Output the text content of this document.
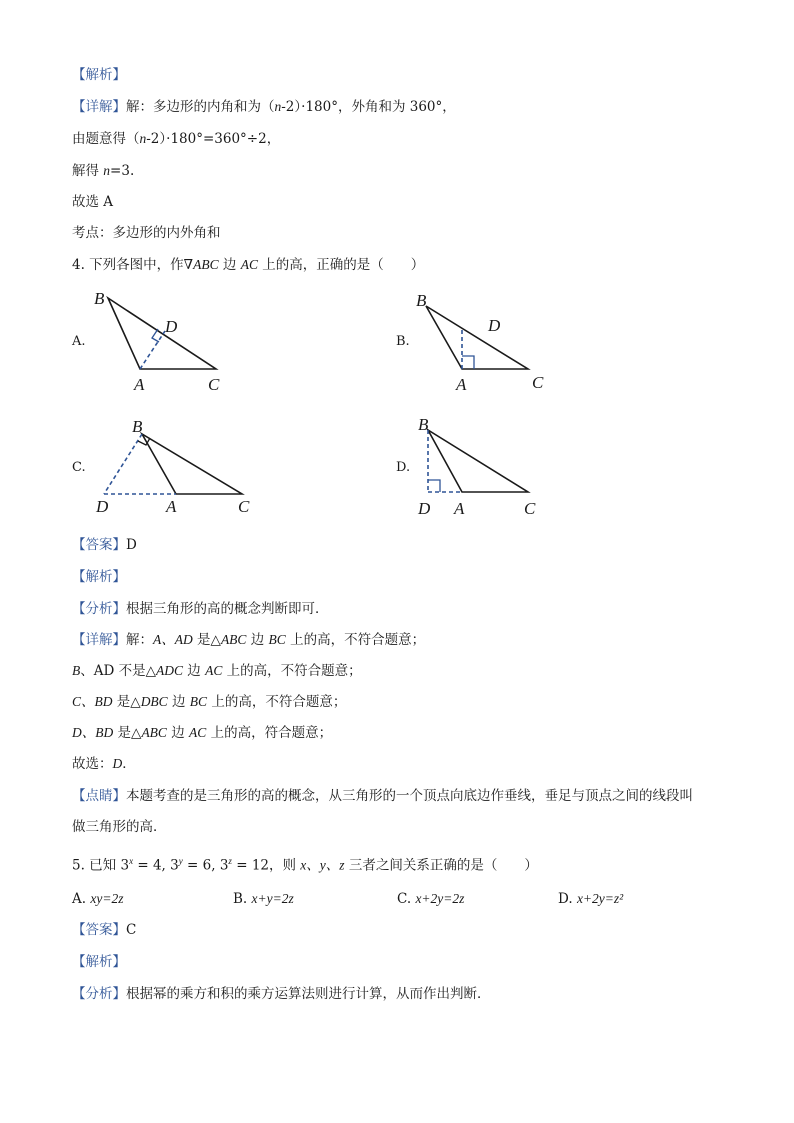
【解析】
【详解】解：多边形的内角和为（n-2）·180°，外角和为 360°，
由题意得（n-2）·180°=360°÷2，
解得 n=3.
故选 A
考点：多边形的内外角和
4. 下列各图中，作∇ABC 边 AC 上的高，正确的是（　　）
A.
B
D
A	C
B.
B
D
A	C
C.
B
D	A	C
D.
B
D A	C
【答案】D
【解析】
【分析】根据三角形的高的概念判断即可．
【详解】解：A、AD 是△ABC 边 BC 上的高，不符合题意；
B、AD 不是△ADC 边 AC 上的高，不符合题意；
C、BD 是△DBC 边 BC 上的高，不符合题意；
D、BD 是△ABC 边 AC 上的高，符合题意；
故选：D．
【点睛】本题考查的是三角形的高的概念，从三角形的一个顶点向底边作垂线，垂足与顶点之间的线段叫
做三角形的高．
5. 已知 $3^x = 4$, $3^y = 6$, $3^z = 12$，则 x、y、z 三者之间关系正确的是（　　）
A. xy=2z	B. x+y=2z	C. x+2y=2z	D. x+2y=z²
【答案】C
【解析】
【分析】根据幂的乘方和积的乘方运算法则进行计算，从而作出判断．
